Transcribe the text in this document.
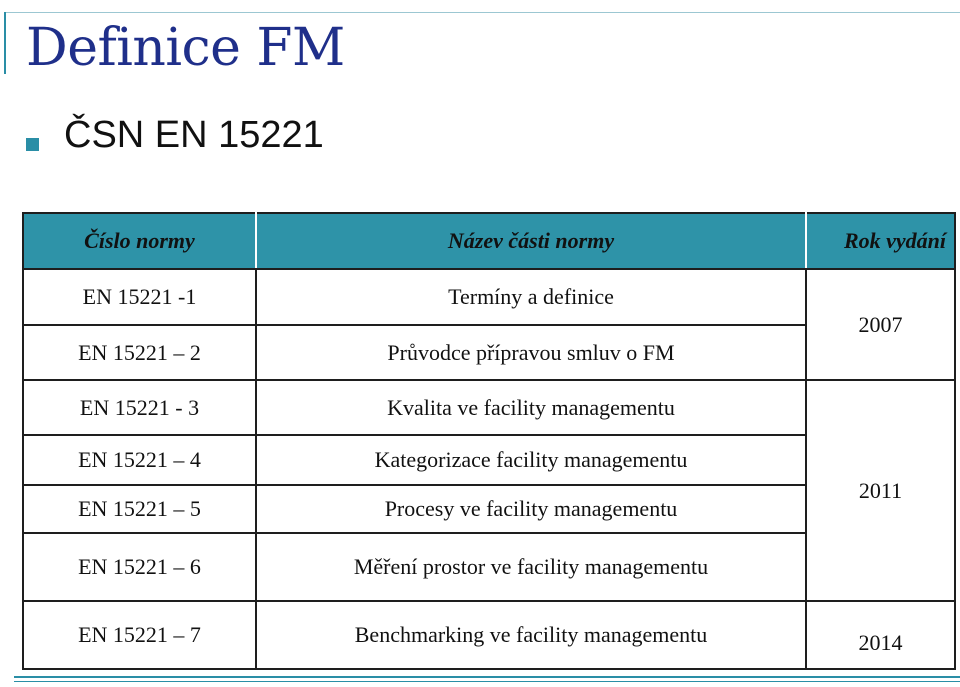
Definice FM
ČSN EN 15221
Číslo normy	Název části normy	Rok vydání
EN 15221 -1	Termíny a definice	2007
EN 15221 – 2	Průvodce přípravou smluv o FM	
EN 15221 - 3	Kvalita ve facility managementu	2011
EN 15221 – 4	Kategorizace facility managementu	
EN 15221 – 5	Procesy ve facility managementu	
EN 15221 – 6	Měření prostor ve facility managementu	
EN 15221 – 7	Benchmarking ve facility managementu	2014
